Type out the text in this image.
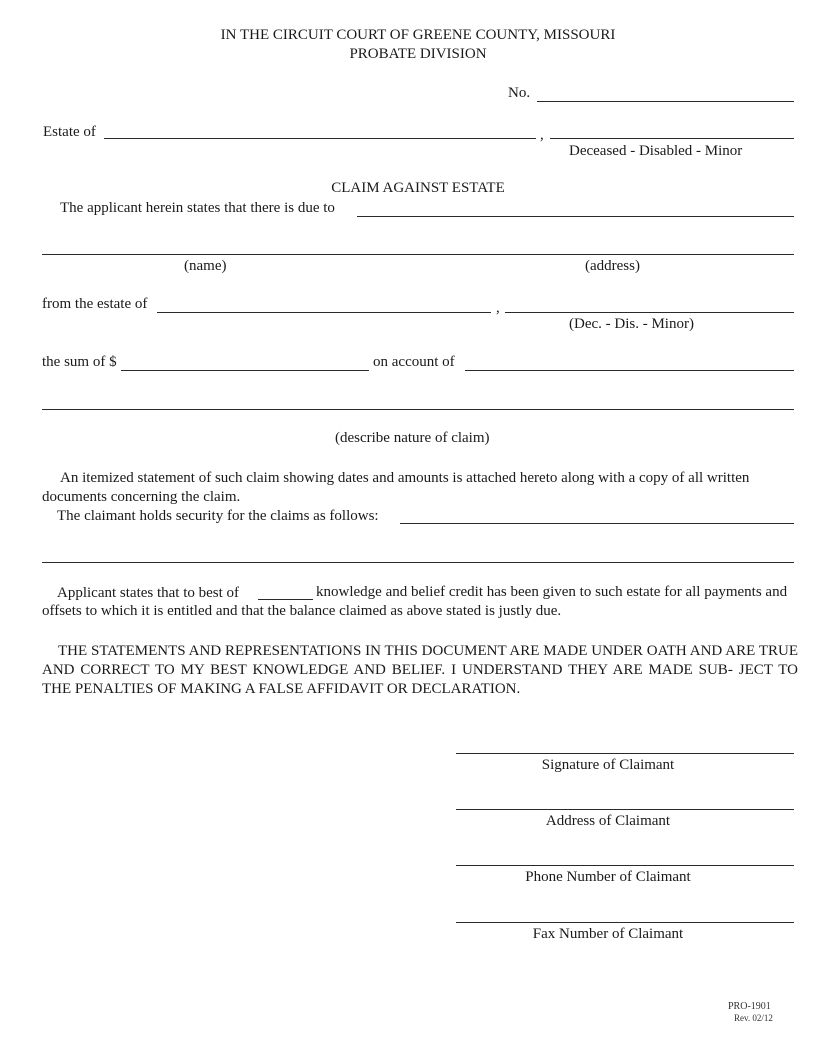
IN THE CIRCUIT COURT OF GREENE COUNTY, MISSOURI
PROBATE DIVISION
No.
Estate of	,
Deceased - Disabled - Minor
CLAIM AGAINST ESTATE
The applicant herein states that there is due to
(name)	(address)
from the estate of	,
(Dec. - Dis. - Minor)
the sum of $	on account of
(describe nature of claim)
An itemized statement of such claim showing dates and amounts is attached hereto along with a copy of all written documents concerning the claim.
The claimant holds security for the claims as follows:
Applicant states that to best of	knowledge and belief credit has been given to such estate for all payments and offsets to which it is entitled and that the balance claimed as above stated is justly due.
THE STATEMENTS AND REPRESENTATIONS IN THIS DOCUMENT ARE MADE UNDER OATH AND ARE TRUE AND CORRECT TO MY BEST KNOWLEDGE AND BELIEF. I UNDERSTAND THEY ARE MADE SUB- JECT TO THE PENALTIES OF MAKING A FALSE AFFIDAVIT OR DECLARATION.
Signature of Claimant
Address of Claimant
Phone Number of Claimant
Fax Number of Claimant
PRO-1901
Rev. 02/12
